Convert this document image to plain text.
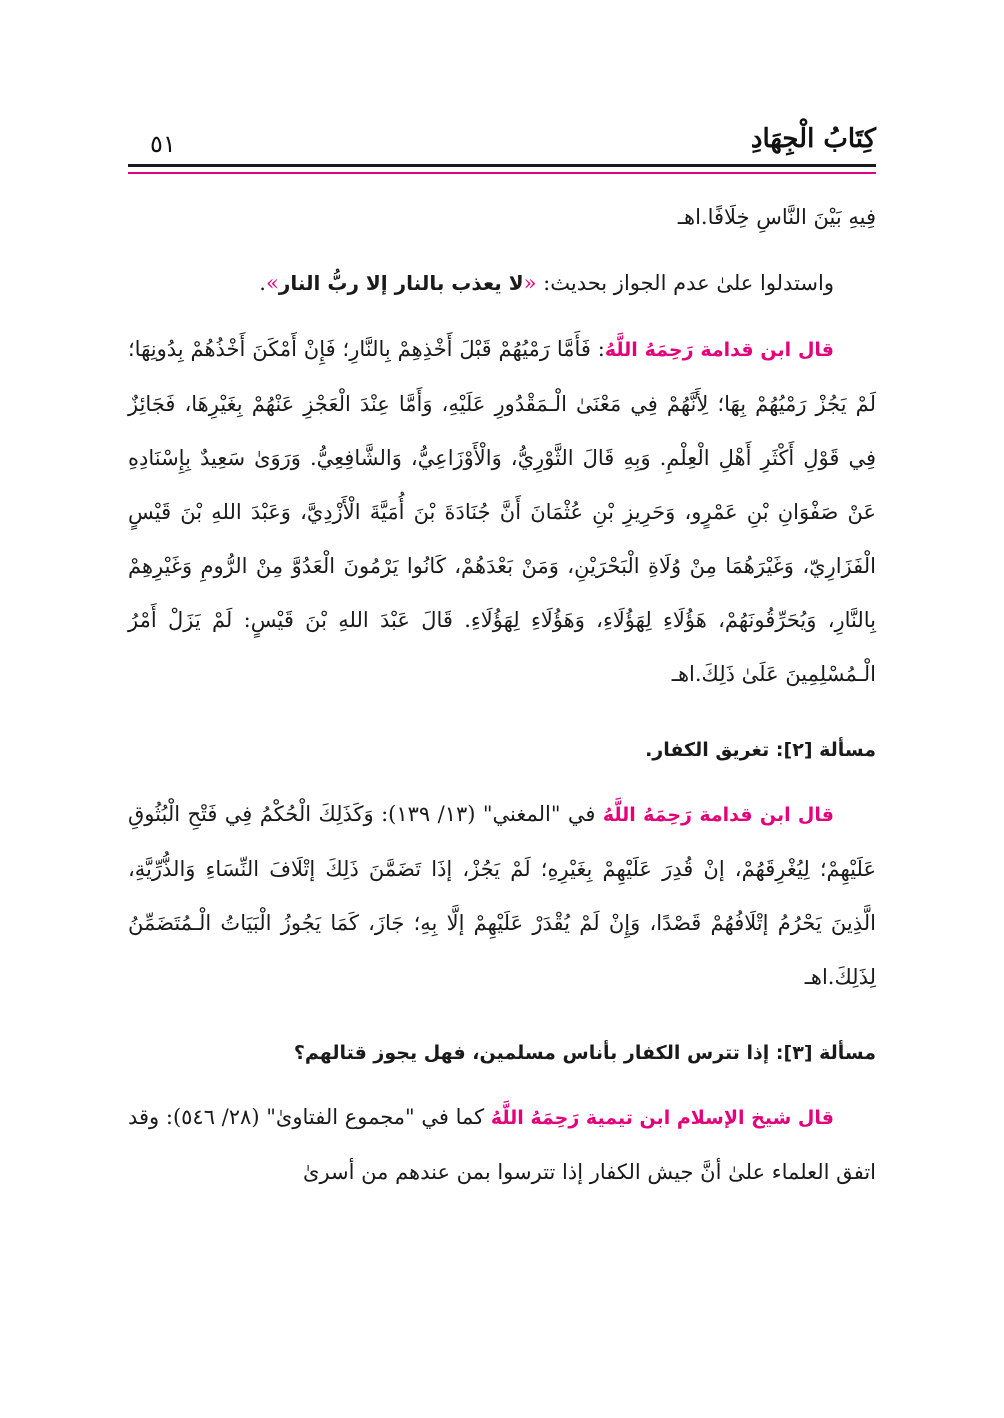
كِتَابُ الْجِهَادِ
٥١

فِيهِ بَيْنَ النَّاسِ خِلَافًا.اهـ

واستدلوا علىٰ عدم الجواز بحديث: «لا يعذب بالنار إلا ربُّ النار».

قال ابن قدامة رَحِمَهُ اللَّهُ: فَأَمَّا رَمْيُهُمْ قَبْلَ أَخْذِهِمْ بِالنَّارِ؛ فَإِنْ أَمْكَنَ أَخْذُهُمْ بِدُونِهَا؛ لَمْ يَجُزْ رَمْيُهُمْ بِهَا؛ لِأَنَّهُمْ فِي مَعْنَىٰ الْـمَقْدُورِ عَلَيْهِ، وَأَمَّا عِنْدَ الْعَجْزِ عَنْهُمْ بِغَيْرِهَا، فَجَائِزٌ فِي قَوْلِ أَكْثَرِ أَهْلِ الْعِلْمِ. وَبِهِ قَالَ الثَّوْرِيُّ، وَالْأَوْزَاعِيُّ، وَالشَّافِعِيُّ. وَرَوَىٰ سَعِيدٌ بِإِسْنَادِهِ عَنْ صَفْوَانِ بْنِ عَمْرٍو، وَحَرِيزِ بْنِ عُثْمَانَ أَنَّ جُنَادَةَ بْنَ أُمَيَّةَ الْأَزْدِيَّ، وَعَبْدَ اللهِ بْنَ قَيْسٍ الْفَزَارِيّ، وَغَيْرَهُمَا مِنْ وُلَاةِ الْبَحْرَيْنِ، وَمَنْ بَعْدَهُمْ، كَانُوا يَرْمُونَ الْعَدُوَّ مِنْ الرُّومِ وَغَيْرِهِمْ بِالنَّارِ، وَيُحَرِّقُونَهُمْ، هَؤُلَاءِ لِهَؤُلَاءِ، وَهَؤُلَاءِ لِهَؤُلَاءِ. قَالَ عَبْدَ اللهِ بْنَ قَيْسٍ: لَمْ يَزَلْ أَمْرُ الْـمُسْلِمِينَ عَلَىٰ ذَلِكَ.اهـ

مسألة [٢]: تغريق الكفار.

قال ابن قدامة رَحِمَهُ اللَّهُ في "المغني" (١٣/ ١٣٩): وَكَذَلِكَ الْحُكْمُ فِي فَتْحِ الْبُثُوقِ عَلَيْهِمْ؛ لِيُغْرِقَهُمْ، إنْ قُدِرَ عَلَيْهِمْ بِغَيْرِهِ؛ لَمْ يَجُزْ، إذَا تَضَمَّنَ ذَلِكَ إتْلَافَ النِّسَاءِ وَالذُّرِّيَّةِ، الَّذِينَ يَحْرُمُ إتْلَافُهُمْ قَصْدًا، وَإِنْ لَمْ يُقْدَرْ عَلَيْهِمْ إلَّا بِهِ؛ جَازَ، كَمَا يَجُوزُ الْبَيَاتُ الْـمُتَضَمِّنُ لِذَلِكَ.اهـ

مسألة [٣]: إذا تترس الكفار بأناس مسلمين، فهل يجوز قتالهم؟

قال شيخ الإسلام ابن تيمية رَحِمَهُ اللَّهُ كما في "مجموع الفتاوىٰ" (٢٨/ ٥٤٦): وقد اتفق العلماء علىٰ أنَّ جيش الكفار إذا تترسوا بمن عندهم من أسرىٰ
